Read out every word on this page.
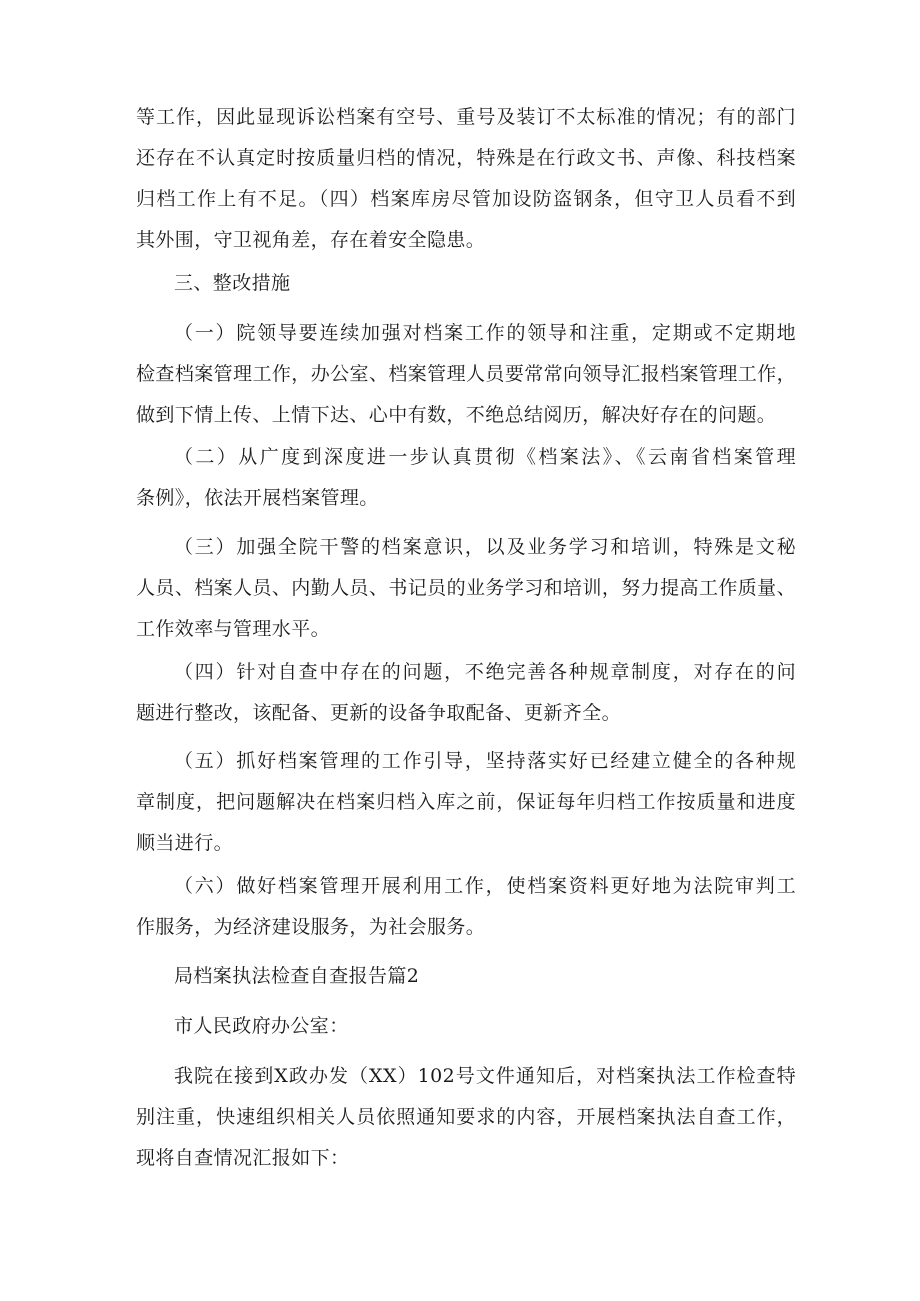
等工作，因此显现诉讼档案有空号、重号及装订不太标准的情况；有的部门
还存在不认真定时按质量归档的情况，特殊是在行政文书、声像、科技档案
归档工作上有不足。（四）档案库房尽管加设防盗钢条，但守卫人员看不到
其外围，守卫视角差，存在着安全隐患。
三、整改措施
（一）院领导要连续加强对档案工作的领导和注重，定期或不定期地
检查档案管理工作，办公室、档案管理人员要常常向领导汇报档案管理工作，
做到下情上传、上情下达、心中有数，不绝总结阅历，解决好存在的问题。
（二）从广度到深度进一步认真贯彻《档案法》、《云南省档案管理
条例》，依法开展档案管理。
（三）加强全院干警的档案意识，以及业务学习和培训，特殊是文秘
人员、档案人员、内勤人员、书记员的业务学习和培训，努力提高工作质量、
工作效率与管理水平。
（四）针对自查中存在的问题，不绝完善各种规章制度，对存在的问
题进行整改，该配备、更新的设备争取配备、更新齐全。
（五）抓好档案管理的工作引导，坚持落实好已经建立健全的各种规
章制度，把问题解决在档案归档入库之前，保证每年归档工作按质量和进度
顺当进行。
（六）做好档案管理开展利用工作，使档案资料更好地为法院审判工
作服务，为经济建设服务，为社会服务。
局档案执法检查自查报告篇2
市人民政府办公室：
我院在接到X政办发（XX）102号文件通知后，对档案执法工作检查特
别注重，快速组织相关人员依照通知要求的内容，开展档案执法自查工作，
现将自查情况汇报如下：
